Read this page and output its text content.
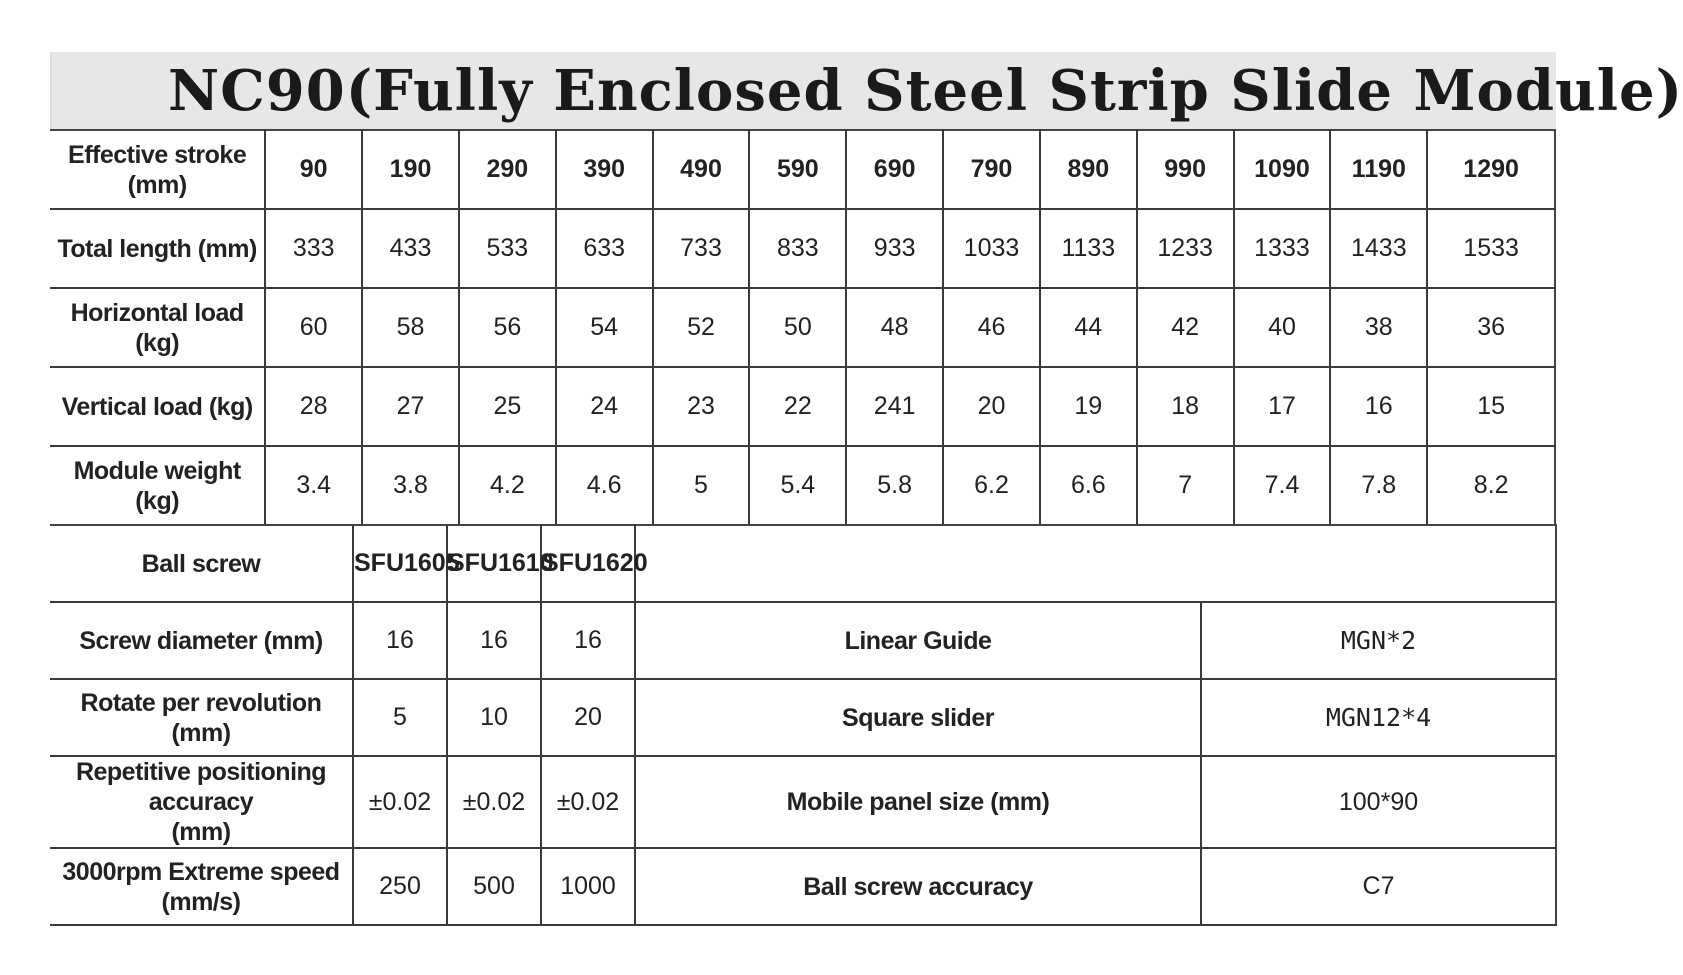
NC90(Fully Enclosed Steel Strip Slide Module)
Effective stroke (mm)	90	190	290	390	490	590	690	790	890	990	1090	1190	1290
Total length (mm)	333	433	533	633	733	833	933	1033	1133	1233	1333	1433	1533
Horizontal load (kg)	60	58	56	54	52	50	48	46	44	42	40	38	36
Vertical load (kg)	28	27	25	24	23	22	241	20	19	18	17	16	15
Module weight (kg)	3.4	3.8	4.2	4.6	5	5.4	5.8	6.2	6.6	7	7.4	7.8	8.2
Ball screw	SFU1605	SFU1610	SFU1620		
Screw diameter (mm)	16	16	16	Linear Guide	MGN*2
Rotate per revolution (mm)	5	10	20	Square slider	MGN12*4

Repetitive positioning accuracy
(mm)	±0.02	±0.02	±0.02	Mobile panel size (mm)	100*90

3000rpm Extreme speed
(mm/s)	250	500	1000	Ball screw accuracy	C7
